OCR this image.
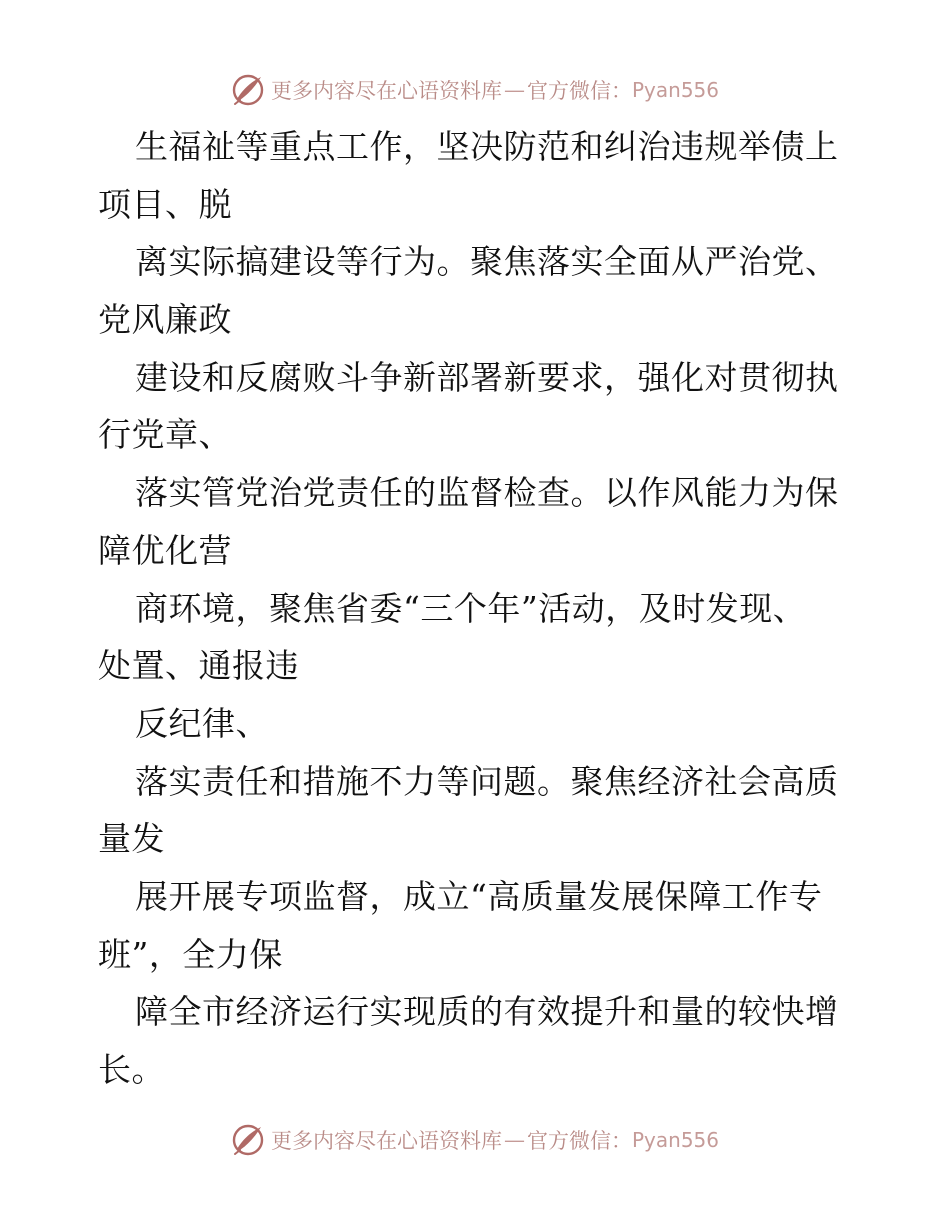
更多内容尽在心语资料库 — 官方微信： Pyan556
生福祉等重点工作，坚决防范和纠治违规举债上
项目、脱
离实际搞建设等行为。聚焦落实全面从严治党、
党风廉政
建设和反腐败斗争新部署新要求，强化对贯彻执
行党章、
落实管党治党责任的监督检查。以作风能力为保
障优化营
商环境，聚焦省委“三个年”活动，及时发现、
处置、通报违
反纪律、
落实责任和措施不力等问题。聚焦经济社会高质
量发
展开展专项监督，成立“高质量发展保障工作专
班”，全力保
障全市经济运行实现质的有效提升和量的较快增
长。
更多内容尽在心语资料库 — 官方微信： Pyan556
